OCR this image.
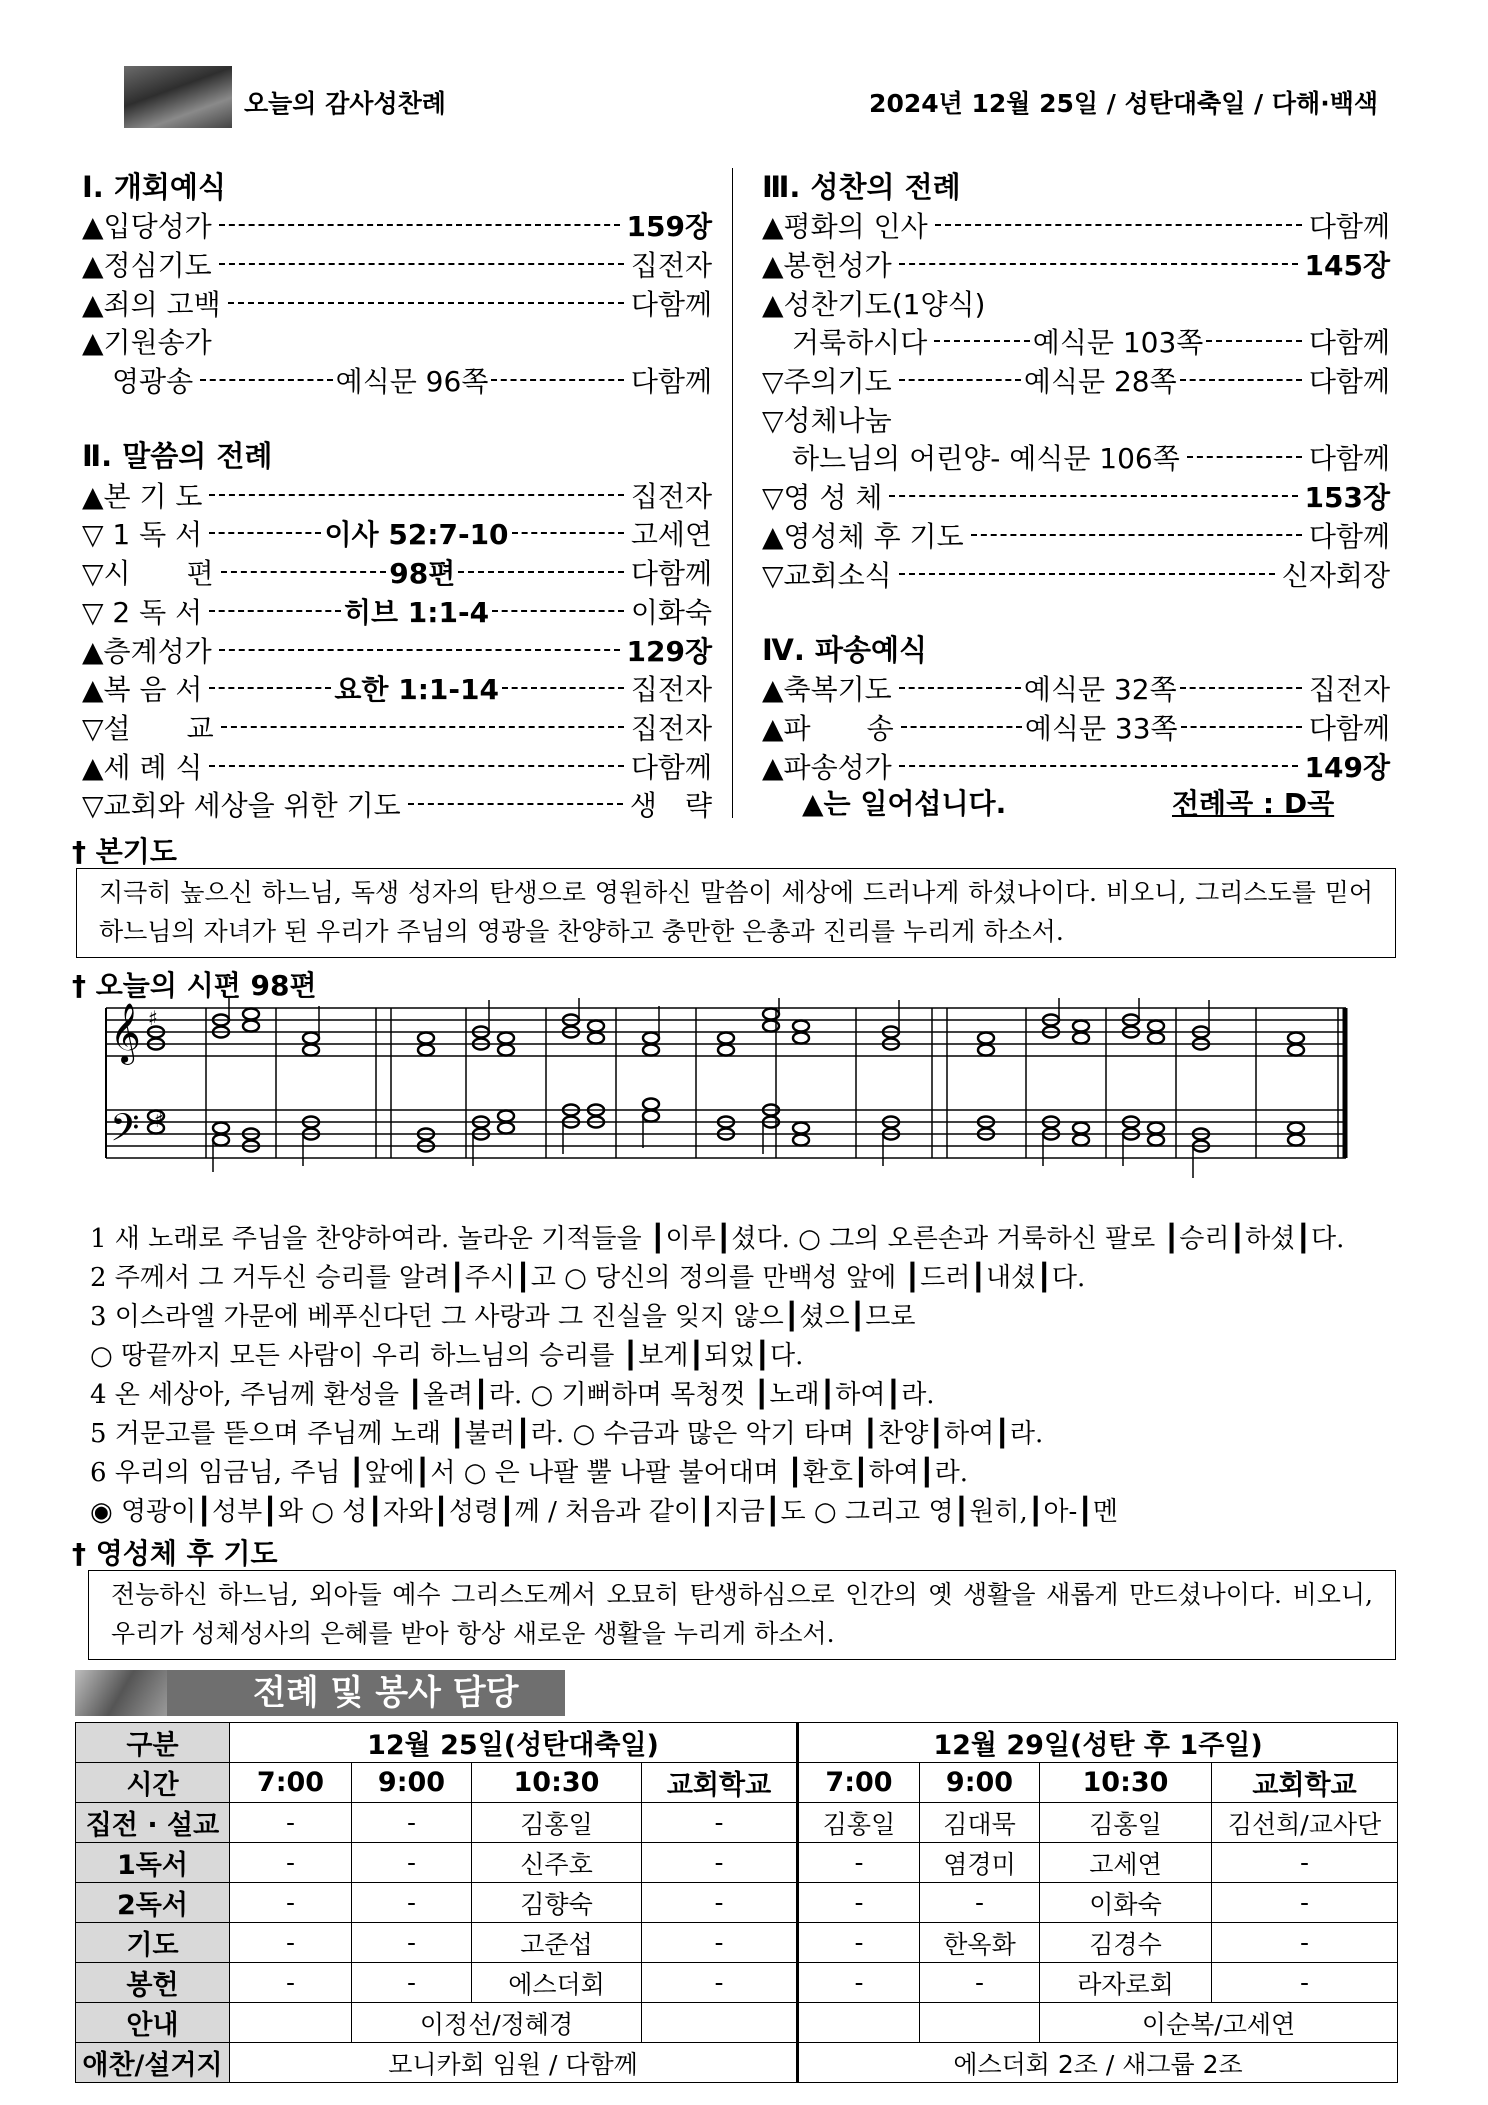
오늘의 감사성찬례	2024년 12월 25일 / 성탄대축일 / 다해·백색
Ⅰ. 개회예식
▲입당성가	159장
▲정심기도	집전자
▲죄의 고백	다함께
▲기원송가
영광송	예식문 96쪽	다함께
Ⅱ. 말씀의 전례
▲본 기 도	집전자
▽ 1 독 서	이사 52:7-10	고세연
▽시　　편	98편	다함께
▽ 2 독 서	히브 1:1-4	이화숙
▲층계성가	129장
▲복 음 서	요한 1:1-14	집전자
▽설　　교	집전자
▲세 례 식	다함께
▽교회와 세상을 위한 기도	생　략
Ⅲ. 성찬의 전례
▲평화의 인사	다함께
▲봉헌성가	145장
▲성찬기도(1양식)
거룩하시다	예식문 103쪽	다함께
▽주의기도	예식문 28쪽	다함께
▽성체나눔
하느님의 어린양- 예식문 106쪽	다함께
▽영 성 체	153장
▲영성체 후 기도	다함께
▽교회소식	신자회장
Ⅳ. 파송예식
▲축복기도	예식문 32쪽	집전자
▲파　　송	예식문 33쪽	다함께
▲파송성가	149장
▲는 일어섭니다.	전례곡 : D곡
† 본기도
지극히 높으신 하느님, 독생 성자의 탄생으로 영원하신 말씀이 세상에 드러나게 하셨나이다. 비오니, 그리스도를 믿어 하느님의 자녀가 된 우리가 주님의 영광을 찬양하고 충만한 은총과 진리를 누리게 하소서.
† 오늘의 시편 98편
𝄞
𝄢
♯
♯
1 새 노래로 주님을 찬양하여라. 놀라운 기적들을 ┃이루┃셨다. ○ 그의 오른손과 거룩하신 팔로 ┃승리┃하셨┃다.
2 주께서 그 거두신 승리를 알려┃주시┃고 ○ 당신의 정의를 만백성 앞에 ┃드러┃내셨┃다.
3 이스라엘 가문에 베푸신다던 그 사랑과 그 진실을 잊지 않으┃셨으┃므로
○ 땅끝까지 모든 사람이 우리 하느님의 승리를 ┃보게┃되었┃다.
4 온 세상아, 주님께 환성을 ┃올려┃라. ○ 기뻐하며 목청껏 ┃노래┃하여┃라.
5 거문고를 뜯으며 주님께 노래 ┃불러┃라. ○ 수금과 많은 악기 타며 ┃찬양┃하여┃라.
6 우리의 임금님, 주님 ┃앞에┃서 ○ 은 나팔 뿔 나팔 불어대며 ┃환호┃하여┃라.
◉ 영광이┃성부┃와 ○ 성┃자와┃성령┃께 / 처음과 같이┃지금┃도 ○ 그리고 영┃원히,┃아-┃멘
† 영성체 후 기도
전능하신 하느님, 외아들 예수 그리스도께서 오묘히 탄생하심으로 인간의 옛 생활을 새롭게 만드셨나이다. 비오니, 우리가 성체성사의 은혜를 받아 항상 새로운 생활을 누리게 하소서.
전례 및 봉사 담당
구분	12월 25일(성탄대축일)				12월 29일(성탄 후 1주일)			
시간	7:00	9:00	10:30	교회학교	7:00	9:00	10:30	교회학교
집전 · 설교	-	-	김홍일	-	김홍일	김대묵	김홍일	김선희/교사단
1독서	-	-	신주호	-	-	염경미	고세연	-
2독서	-	-	김향숙	-	-	-	이화숙	-
기도	-	-	고준섭	-	-	한옥화	김경수	-
봉헌	-	-	에스더회	-	-	-	라자로회	-
안내		이정선/정혜경					이순복/고세연	
애찬/설거지	모니카회 임원 / 다함께				에스더회 2조 / 새그룹 2조			
